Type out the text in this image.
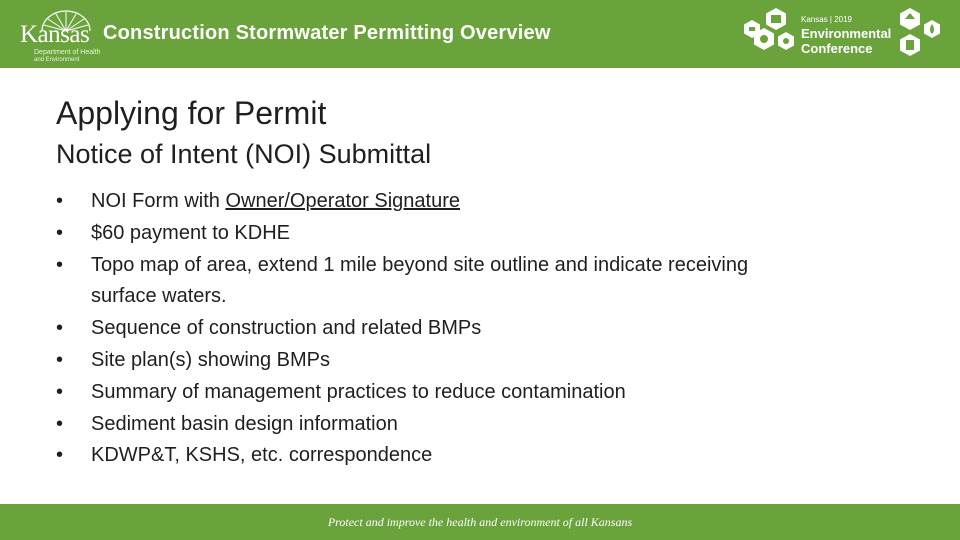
Kansas
Department of Health
and Environment
Construction Stormwater Permitting Overview
Kansas | 2019
Environmental
Conference
Applying for Permit
Notice of Intent (NOI) Submittal
• NOI Form with Owner/Operator Signature
• $60 payment to KDHE
• Topo map of area, extend 1 mile beyond site outline and indicate receiving surface waters.
• Sequence of construction and related BMPs
• Site plan(s) showing BMPs
• Summary of management practices to reduce contamination
• Sediment basin design information
• KDWP&T, KSHS, etc. correspondence
Protect and improve the health and environment of all Kansans
